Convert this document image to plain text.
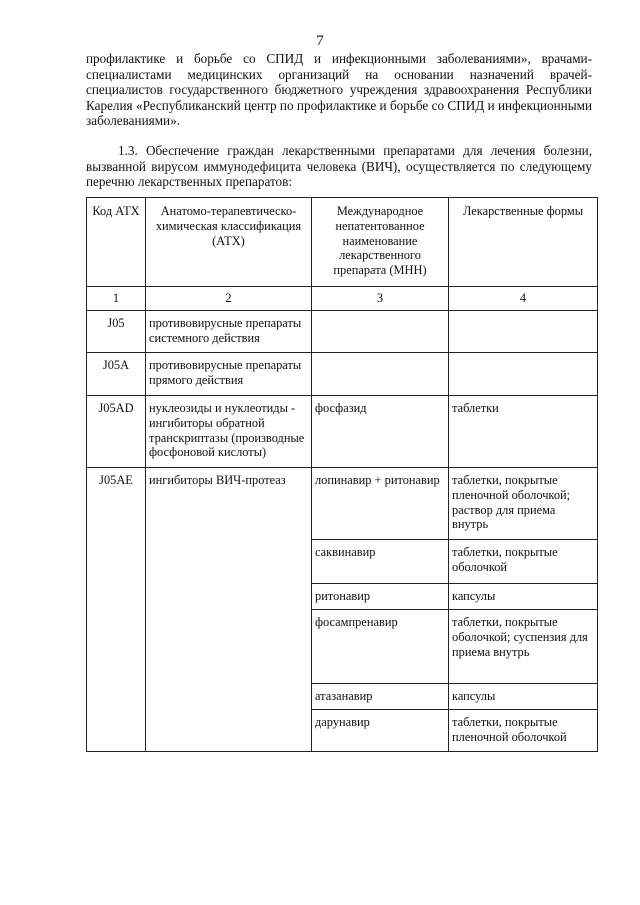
7

профилактике и борьбе со СПИД и инфекционными заболеваниями», врачами-специалистами медицинских организаций на основании назначений врачей-специалистов государственного бюджетного учреждения здравоохранения Республики Карелия «Республиканский центр по профилактике и борьбе со СПИД и инфекционными заболеваниями».

1.3. Обеспечение граждан лекарственными препаратами для лечения болезни, вызванной вирусом иммунодефицита человека (ВИЧ), осуществляется по следующему перечню лекарственных препаратов:

Код АТХ	Анатомо-терапевтическо-химическая классификация (АТХ)	Международное непатентованное наименование лекарственного препарата (МНН)	Лекарственные формы
1	2	3	4
J05	противовирусные препараты системного действия		
J05A	противовирусные препараты прямого действия		
J05AD	нуклеозиды и нуклеотиды - ингибиторы обратной транскриптазы (производные фосфоновой кислоты)	фосфазид	таблетки
J05AE	ингибиторы ВИЧ-протеаз	лопинавир + ритонавир	таблетки, покрытые пленочной оболочкой; раствор для приема внутрь
		саквинавир	таблетки, покрытые оболочкой
		ритонавир	капсулы
		фосампренавир	таблетки, покрытые оболочкой; суспензия для приема внутрь
		атазанавир	капсулы
		дарунавир	таблетки, покрытые пленочной оболочкой
